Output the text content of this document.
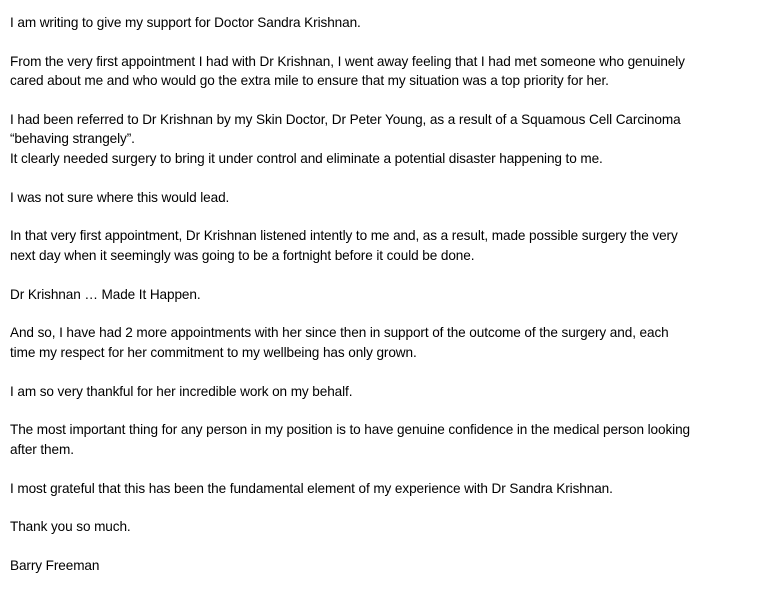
I am writing to give my support for Doctor Sandra Krishnan.

From the very first appointment I had with Dr Krishnan, I went away feeling that I had met someone who genuinely
cared about me and who would go the extra mile to ensure that my situation was a top priority for her.

I had been referred to Dr Krishnan by my Skin Doctor, Dr Peter Young, as a result of a Squamous Cell Carcinoma
“behaving strangely”.
It clearly needed surgery to bring it under control and eliminate a potential disaster happening to me.

I was not sure where this would lead.

In that very first appointment, Dr Krishnan listened intently to me and, as a result, made possible surgery the very
next day when it seemingly was going to be a fortnight before it could be done.

Dr Krishnan … Made It Happen.

And so, I have had 2 more appointments with her since then in support of the outcome of the surgery and, each
time my respect for her commitment to my wellbeing has only grown.

I am so very thankful for her incredible work on my behalf.

The most important thing for any person in my position is to have genuine confidence in the medical person looking
after them.

I most grateful that this has been the fundamental element of my experience with Dr Sandra Krishnan.

Thank you so much.

Barry Freeman
